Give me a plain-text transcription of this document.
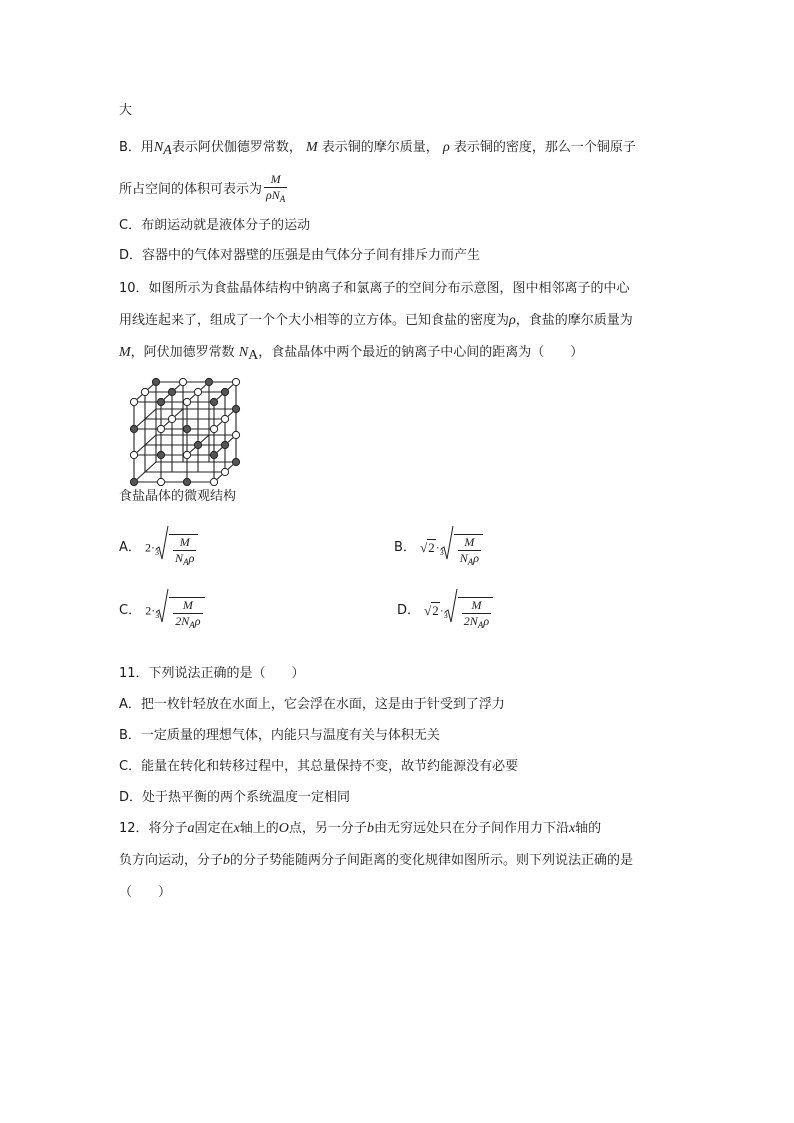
大
B．用$N_A$表示阿伏伽德罗常数， M 表示铜的摩尔质量， ρ 表示铜的密度，那么一个铜原子
所占空间的体积可表示为 $\frac{M}{\rho N_A}$
C．布朗运动就是液体分子的运动
D．容器中的气体对器壁的压强是由气体分子间有排斥力而产生
10．如图所示为食盐晶体结构中钠离子和氯离子的空间分布示意图，图中相邻离子的中心
用线连起来了，组成了一个个大小相等的立方体。已知食盐的密度为ρ，食盐的摩尔质量为
M，阿伏加德罗常数 $N_A$，食盐晶体中两个最近的钠离子中心间的距离为（　　）
食盐晶体的微观结构
A． $2\cdot^3 \frac{M}{N_A\rho}$	B． $√2\cdot^3 \frac{M}{N_A\rho}$
C． $2\cdot^3 \frac{M}{2N_A\rho}$	D． $√2\cdot^3 \frac{M}{2N_A\rho}$
11．下列说法正确的是（　　）
A．把一枚针轻放在水面上，它会浮在水面，这是由于针受到了浮力
B．一定质量的理想气体，内能只与温度有关与体积无关
C．能量在转化和转移过程中，其总量保持不变，故节约能源没有必要
D．处于热平衡的两个系统温度一定相同
12．将分子a固定在x轴上的O点，另一分子b由无穷远处只在分子间作用力下沿x轴的
负方向运动，分子b的分子势能随两分子间距离的变化规律如图所示。则下列说法正确的是
（　　）
